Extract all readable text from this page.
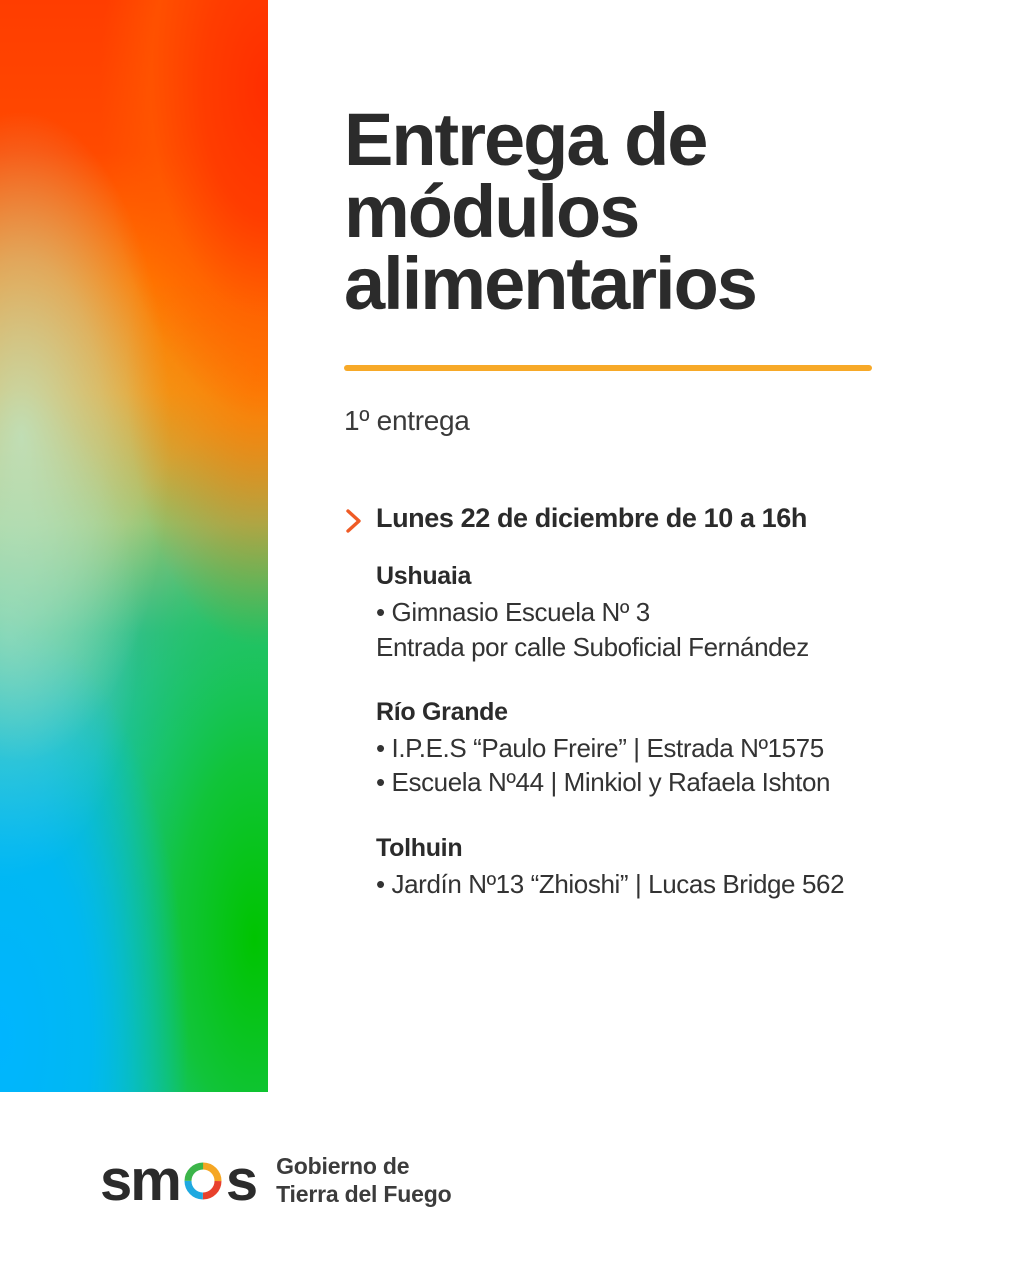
Entrega de módulos alimentarios
1º entrega
Lunes 22 de diciembre de 10 a 16h
Ushuaia
• Gimnasio Escuela Nº 3
Entrada por calle Suboficial Fernández
Río Grande
• I.P.E.S “Paulo Freire” | Estrada Nº1575
• Escuela Nº44 | Minkiol y Rafaela Ishton
Tolhuin
• Jardín Nº13 “Zhioshi” | Lucas Bridge 562
s m s Gobierno de
Tierra del Fuego
